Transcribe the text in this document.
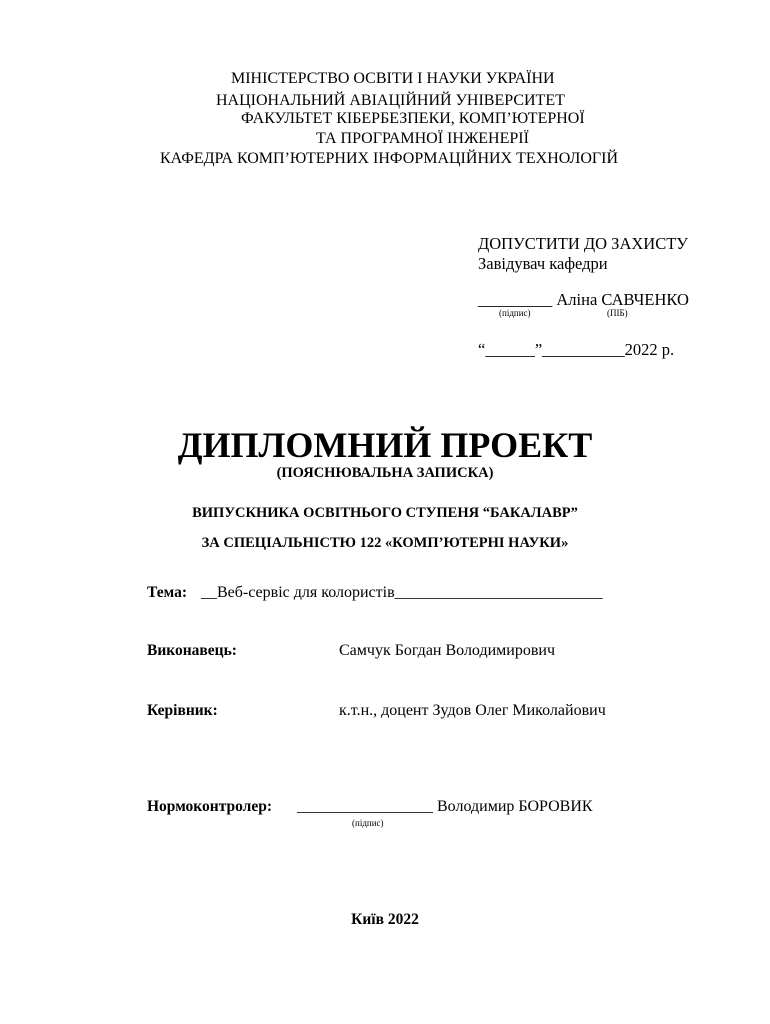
МІНІСТЕРСТВО ОСВІТИ І НАУКИ УКРАЇНИ
НАЦІОНАЛЬНИЙ АВІАЦІЙНИЙ УНІВЕРСИТЕТ
ФАКУЛЬТЕТ КІБЕРБЕЗПЕКИ, КОМП’ЮТЕРНОЇ
ТА ПРОГРАМНОЇ ІНЖЕНЕРІЇ
КАФЕДРА КОМП’ЮТЕРНИХ ІНФОРМАЦІЙНИХ ТЕХНОЛОГІЙ
ДОПУСТИТИ ДО ЗАХИСТУ
Завідувач кафедри
_________ Аліна САВЧЕНКО
(підпис)	(ПІБ)
“______”__________2022 р.
ДИПЛОМНИЙ ПРОЕКТ
(ПОЯСНЮВАЛЬНА ЗАПИСКА)
ВИПУСКНИКА ОСВІТНЬОГО СТУПЕНЯ “БАКАЛАВР”
ЗА СПЕЦІАЛЬНІСТЮ 122 «КОМП’ЮТЕРНІ НАУКИ»
Тема: __Веб-сервіс для колористів__________________________
Виконавець:	Самчук Богдан Володимирович
Керівник:	к.т.н., доцент Зудов Олег Миколайович
Нормоконтролер: _________________ Володимир БОРОВИК
(підпис)
Київ 2022
